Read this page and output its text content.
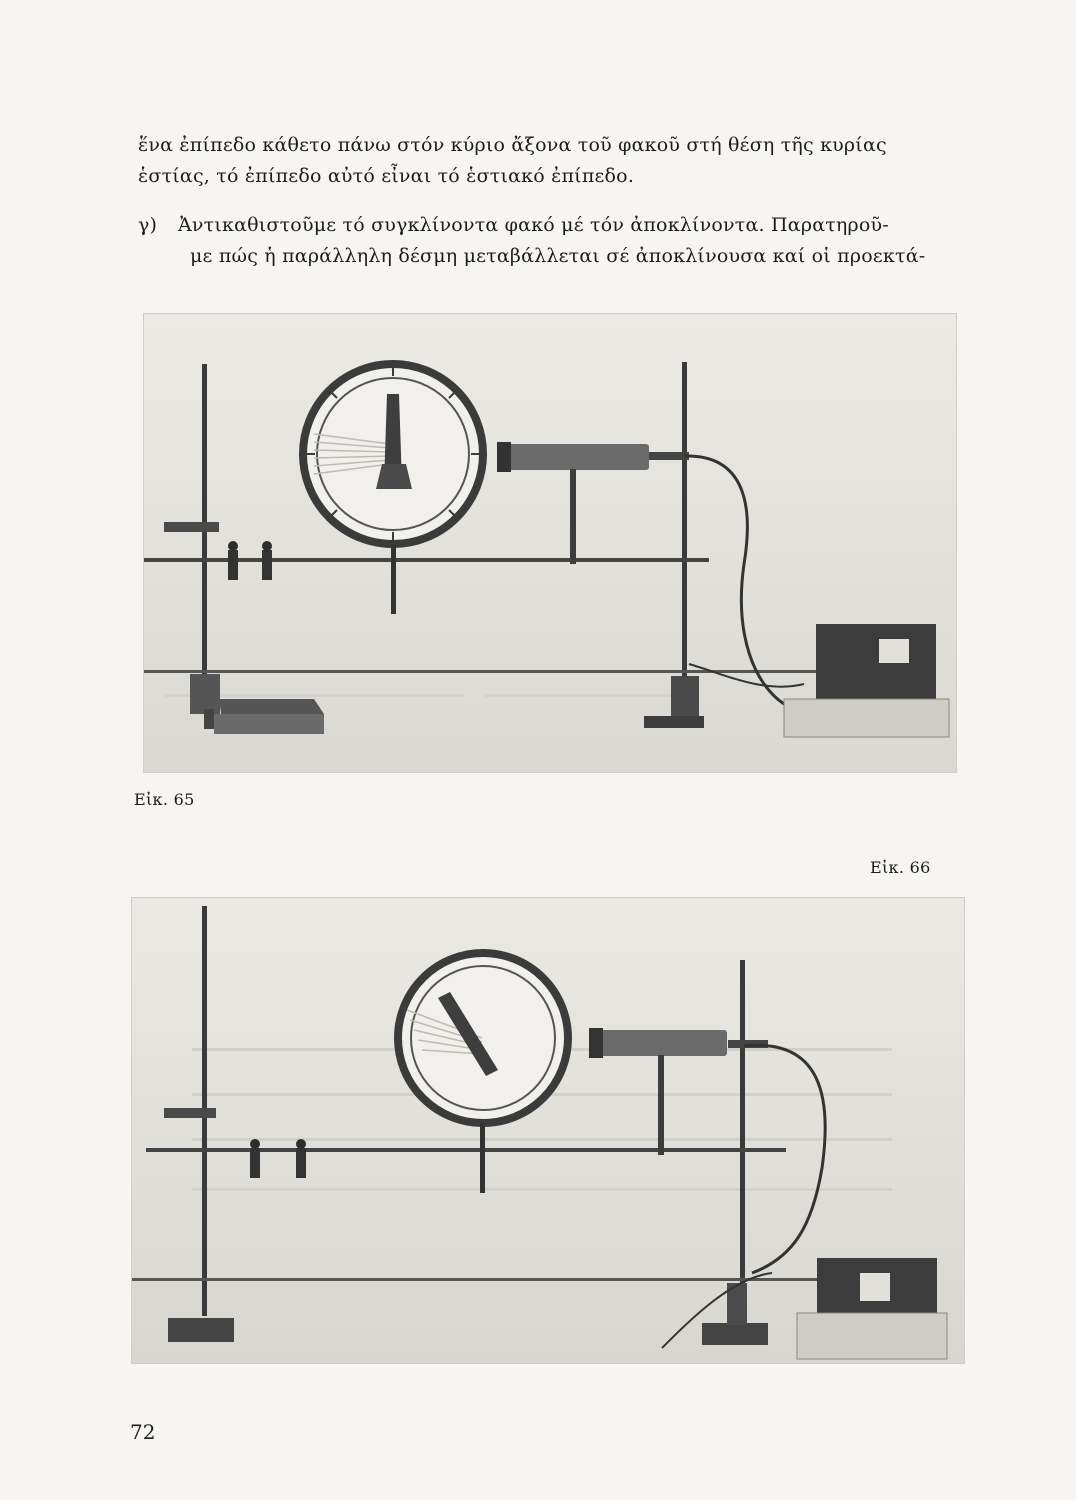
ἕνα ἐπίπεδο κάθετο πάνω στόν κύριο ἄξονα τοῦ φακοῦ στή θέση τῆς κυρίας

ἑστίας, τό ἐπίπεδο αὐτό εἶναι τό ἑστιακό ἐπίπεδο.

γ) Ἀντικαθιστοῦμε τό συγκλίνοντα φακό μέ τόν ἀποκλίνοντα. Παρατηροῦ-

με πώς ἡ παράλληλη δέσμη μεταβάλλεται σέ ἀποκλίνουσα καί οἱ προεκτά-

Εἰκ. 65
Εἰκ. 66
72
